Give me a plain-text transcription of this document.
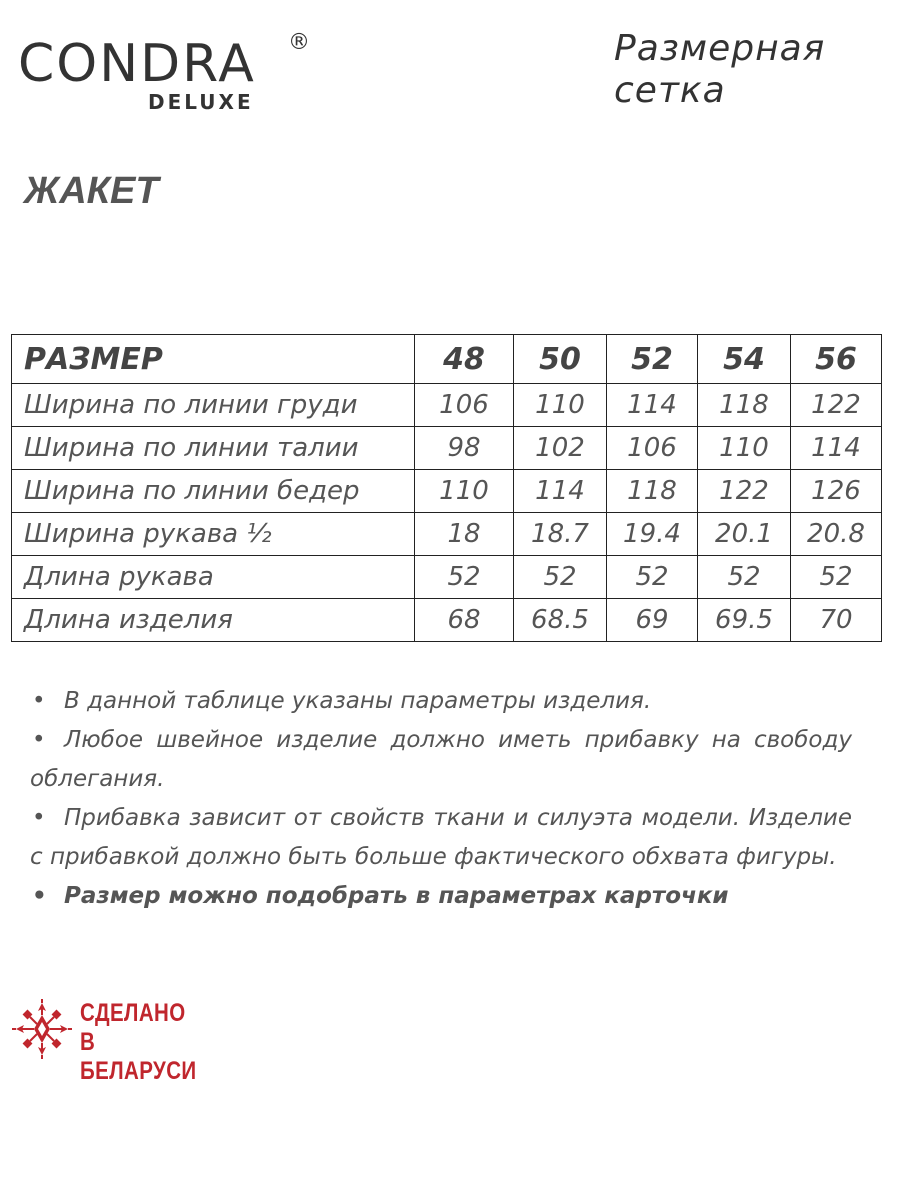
CONDRA ®
DELUXE
Размерная сетка
ЖАКЕТ
РАЗМЕР	48	50	52	54	56
Ширина по линии груди	106	110	114	118	122
Ширина по линии талии	98	102	106	110	114
Ширина по линии бедер	110	114	118	122	126
Ширина рукава ½	18	18.7	19.4	20.1	20.8
Длина рукава	52	52	52	52	52
Длина изделия	68	68.5	69	69.5	70

• В данной таблице указаны параметры изделия.

• Любое швейное изделие должно иметь прибавку на свободу облегания.

• Прибавка зависит от свойств ткани и силуэта модели. Изделие с прибавкой должно быть больше фактического обхвата фигуры.

• Размер можно подобрать в параметрах карточки

СДЕЛАНО
В БЕЛАРУСИ
